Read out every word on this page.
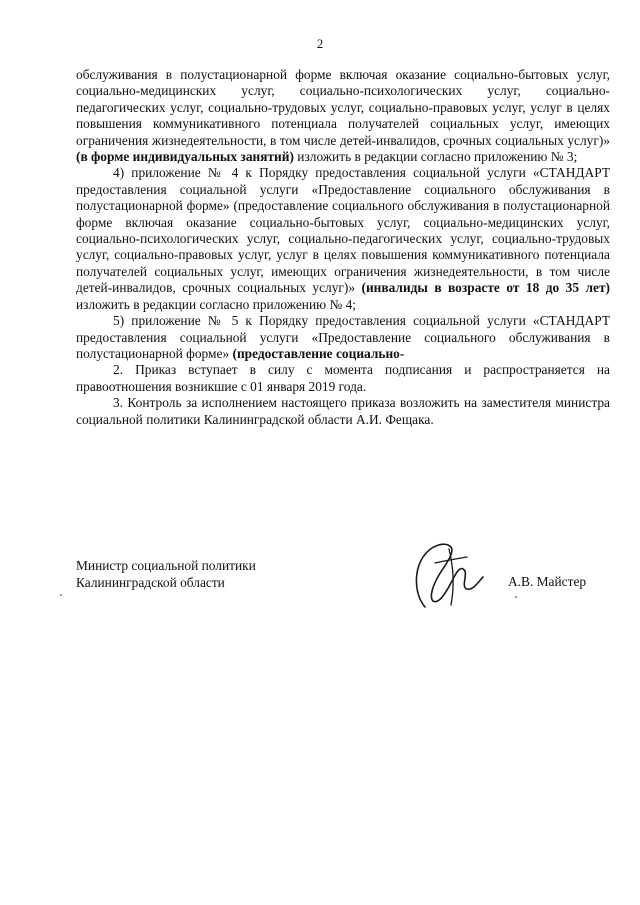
2

обслуживания в полустационарной форме включая оказание социально-бытовых услуг, социально-медицинских услуг, социально-психологических услуг, социально-педагогических услуг, социально-трудовых услуг, социально-правовых услуг, услуг в целях повышения коммуникативного потенциала получателей социальных услуг, имеющих ограничения жизнедеятельности, в том числе детей-инвалидов, срочных социальных услуг)» (в форме индивидуальных занятий) изложить в редакции согласно приложению № 3;

4) приложение № 4 к Порядку предоставления социальной услуги «СТАНДАРТ предоставления социальной услуги «Предоставление социального обслуживания в полустационарной форме» (предоставление социального обслуживания в полустационарной форме включая оказание социально-бытовых услуг, социально-медицинских услуг, социально-психологических услуг, социально-педагогических услуг, социально-трудовых услуг, социально-правовых услуг, услуг в целях повышения коммуникативного потенциала получателей социальных услуг, имеющих ограничения жизнедеятельности, в том числе детей-инвалидов, срочных социальных услуг)» (инвалиды в возрасте от 18 до 35 лет) изложить в редакции согласно приложению № 4;

5) приложение № 5 к Порядку предоставления социальной услуги «СТАНДАРТ предоставления социальной услуги «Предоставление социального обслуживания в полустационарной форме» (предоставление социально-

2. Приказ вступает в силу с момента подписания и распространяется на правоотношения возникшие с 01 января 2019 года.

3. Контроль за исполнением настоящего приказа возложить на заместителя министра социальной политики Калининградской области А.И. Фещака.

Министр социальной политики
Калининградской области	А.В. Майстер
